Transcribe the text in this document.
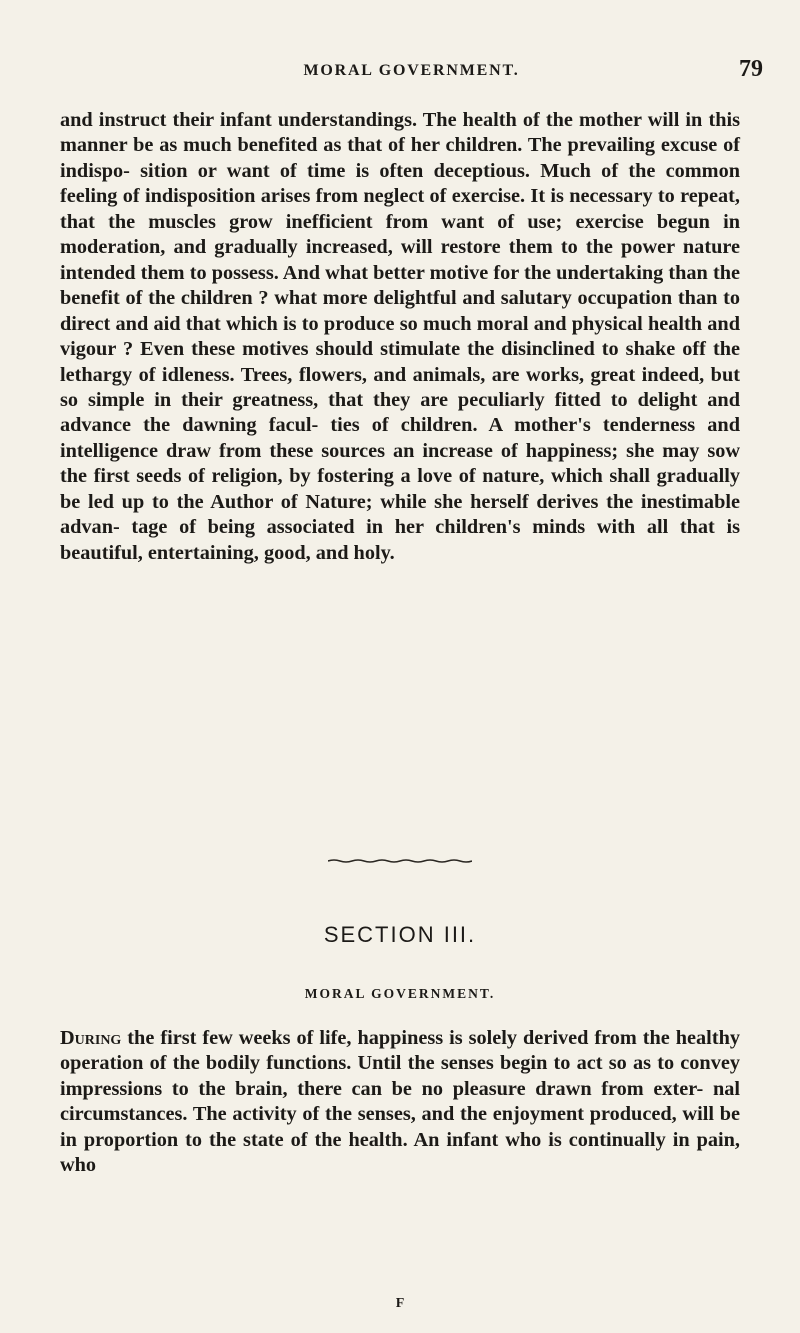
MORAL GOVERNMENT.	79

and instruct their infant understandings. The health of the mother will in this manner be as much benefited as that of her children. The prevailing excuse of indispo- sition or want of time is often deceptious. Much of the common feeling of indisposition arises from neglect of exercise. It is necessary to repeat, that the muscles grow inefficient from want of use; exercise begun in moderation, and gradually increased, will restore them to the power nature intended them to possess. And what better motive for the undertaking than the benefit of the children ? what more delightful and salutary occupation than to direct and aid that which is to produce so much moral and physical health and vigour ? Even these motives should stimulate the disinclined to shake off the lethargy of idleness. Trees, flowers, and animals, are works, great indeed, but so simple in their greatness, that they are peculiarly fitted to delight and advance the dawning facul- ties of children. A mother's tenderness and intelligence draw from these sources an increase of happiness; she may sow the first seeds of religion, by fostering a love of nature, which shall gradually be led up to the Author of Nature; while she herself derives the inestimable advan- tage of being associated in her children's minds with all that is beautiful, entertaining, good, and holy.

SECTION III.
MORAL GOVERNMENT.

During the first few weeks of life, happiness is solely derived from the healthy operation of the bodily functions. Until the senses begin to act so as to convey impressions to the brain, there can be no pleasure drawn from exter- nal circumstances. The activity of the senses, and the enjoyment produced, will be in proportion to the state of the health. An infant who is continually in pain, who

F
